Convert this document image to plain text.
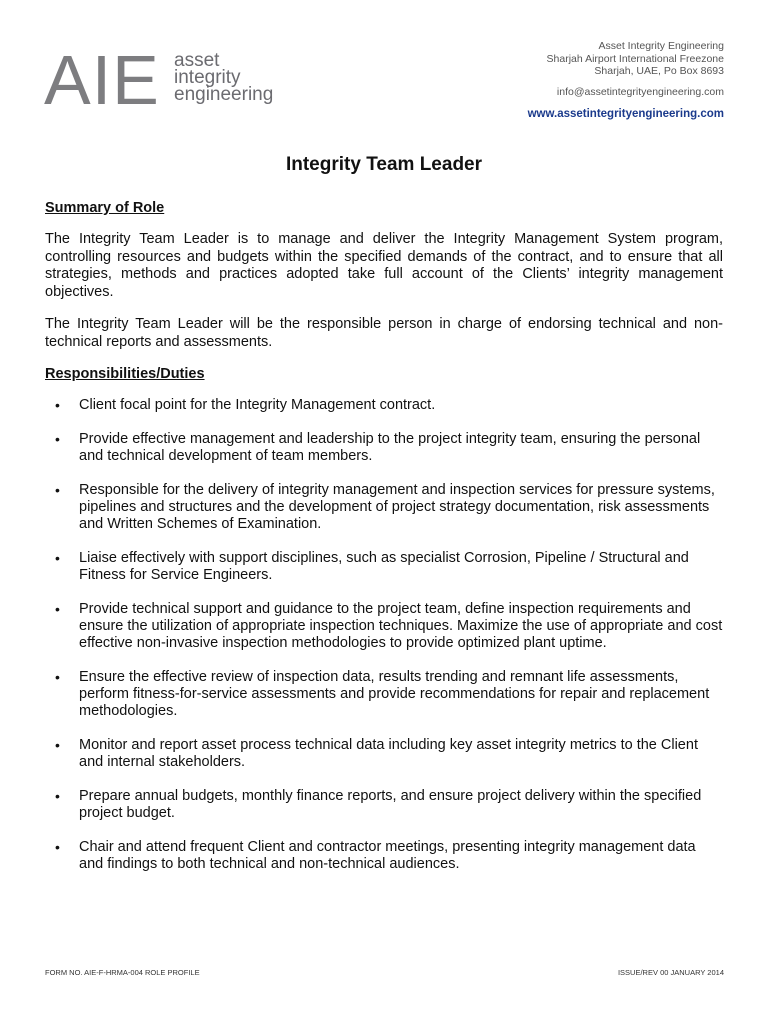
AIE asset
integrity
engineering
Asset Integrity Engineering
Sharjah Airport International Freezone
Sharjah, UAE, Po Box 8693
info@assetintegrityengineering.com
www.assetintegrityengineering.com
Integrity Team Leader
Summary of Role

The Integrity Team Leader is to manage and deliver the Integrity Management System program, controlling resources and budgets within the specified demands of the contract, and to ensure that all strategies, methods and practices adopted take full account of the Clients’ integrity management objectives.

The Integrity Team Leader will be the responsible person in charge of endorsing technical and non-technical reports and assessments.

Responsibilities/Duties
• Client focal point for the Integrity Management contract.
• Provide effective management and leadership to the project integrity team, ensuring the personal and technical development of team members.
• Responsible for the delivery of integrity management and inspection services for pressure systems, pipelines and structures and the development of project strategy documentation, risk assessments and Written Schemes of Examination.
• Liaise effectively with support disciplines, such as specialist Corrosion, Pipeline / Structural and Fitness for Service Engineers.
• Provide technical support and guidance to the project team, define inspection requirements and ensure the utilization of appropriate inspection techniques. Maximize the use of appropriate and cost effective non-invasive inspection methodologies to provide optimized plant uptime.
• Ensure the effective review of inspection data, results trending and remnant life assessments, perform fitness-for-service assessments and provide recommendations for repair and replacement methodologies.
• Monitor and report asset process technical data including key asset integrity metrics to the Client and internal stakeholders.
• Prepare annual budgets, monthly finance reports, and ensure project delivery within the specified project budget.
• Chair and attend frequent Client and contractor meetings, presenting integrity management data and findings to both technical and non-technical audiences.
FORM NO. AIE-F-HRMA-004 ROLE PROFILE	ISSUE/REV 00 JANUARY 2014
